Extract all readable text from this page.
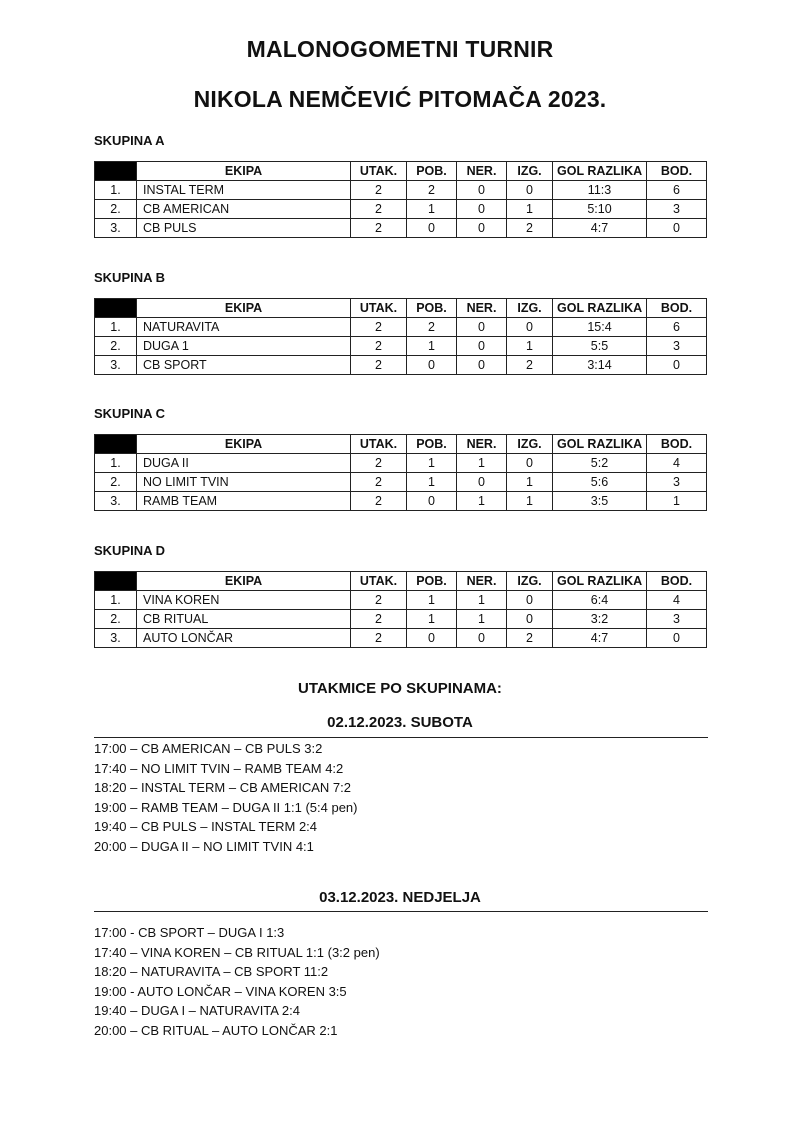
MALONOGOMETNI TURNIR
NIKOLA NEMČEVIĆ PITOMAČA 2023.
SKUPINA A
	EKIPA	UTAK.	POB.	NER.	IZG.	GOL RAZLIKA	BOD.
1.	INSTAL TERM	2	2	0	0	11:3	6
2.	CB AMERICAN	2	1	0	1	5:10	3
3.	CB PULS	2	0	0	2	4:7	0
SKUPINA B
	EKIPA	UTAK.	POB.	NER.	IZG.	GOL RAZLIKA	BOD.
1.	NATURAVITA	2	2	0	0	15:4	6
2.	DUGA 1	2	1	0	1	5:5	3
3.	CB SPORT	2	0	0	2	3:14	0
SKUPINA C
	EKIPA	UTAK.	POB.	NER.	IZG.	GOL RAZLIKA	BOD.
1.	DUGA II	2	1	1	0	5:2	4
2.	NO LIMIT TVIN	2	1	0	1	5:6	3
3.	RAMB TEAM	2	0	1	1	3:5	1
SKUPINA D
	EKIPA	UTAK.	POB.	NER.	IZG.	GOL RAZLIKA	BOD.
1.	VINA KOREN	2	1	1	0	6:4	4
2.	CB RITUAL	2	1	1	0	3:2	3
3.	AUTO LONČAR	2	0	0	2	4:7	0
UTAKMICE PO SKUPINAMA:
02.12.2023. SUBOTA
17:00 – CB AMERICAN – CB PULS 3:2
17:40 – NO LIMIT TVIN – RAMB TEAM 4:2
18:20 – INSTAL TERM – CB AMERICAN 7:2
19:00 – RAMB TEAM – DUGA II 1:1 (5:4 pen)
19:40 – CB PULS – INSTAL TERM 2:4
20:00 – DUGA II – NO LIMIT TVIN 4:1
03.12.2023. NEDJELJA
17:00 - CB SPORT – DUGA I 1:3
17:40 – VINA KOREN – CB RITUAL 1:1 (3:2 pen)
18:20 – NATURAVITA – CB SPORT 11:2
19:00 - AUTO LONČAR – VINA KOREN 3:5
19:40 – DUGA I – NATURAVITA 2:4
20:00 – CB RITUAL – AUTO LONČAR 2:1
